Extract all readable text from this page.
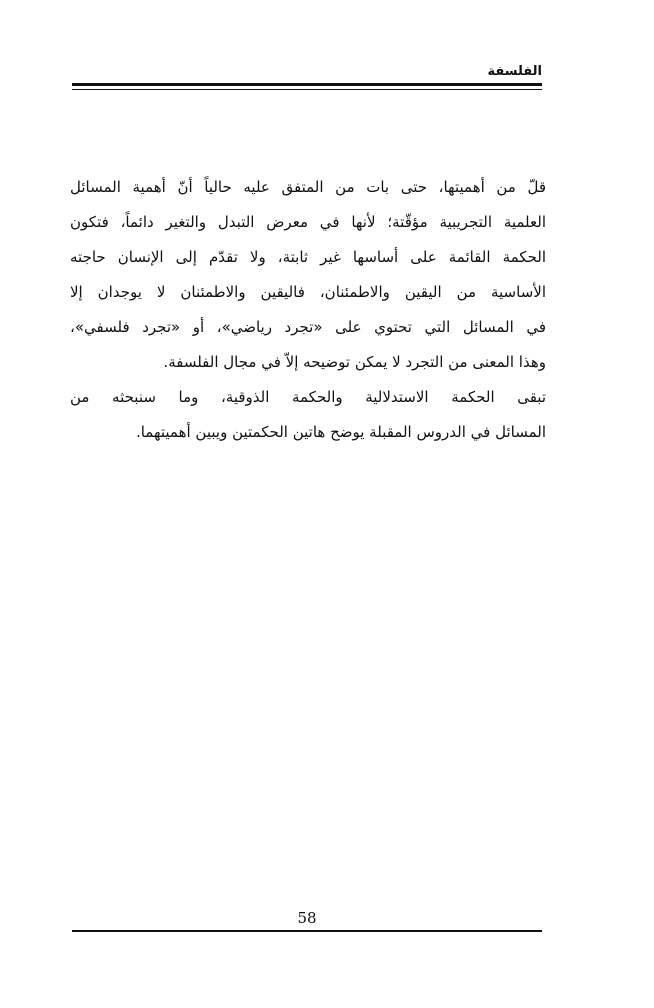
الفلسفة
قلّ من أهميتها، حتى بات من المتفق عليه حالياً أنّ أهمية المسائل
العلمية التجريبية مؤقّتة؛ لأنها في معرض التبدل والتغير دائماً، فتكون
الحكمة القائمة على أساسها غير ثابتة، ولا تقدّم إلى الإنسان حاجته
الأساسية من اليقين والاطمئنان، فاليقين والاطمئنان لا يوجدان إلا
في المسائل التي تحتوي على «تجرد رياضي»، أو «تجرد فلسفي»،
وهذا المعنى من التجرد لا يمكن توضيحه إلاّ في مجال الفلسفة.
تبقى الحكمة الاستدلالية والحكمة الذوقية، وما سنبحثه من
المسائل في الدروس المقبلة يوضح هاتين الحكمتين ويبين أهميتهما.
58
